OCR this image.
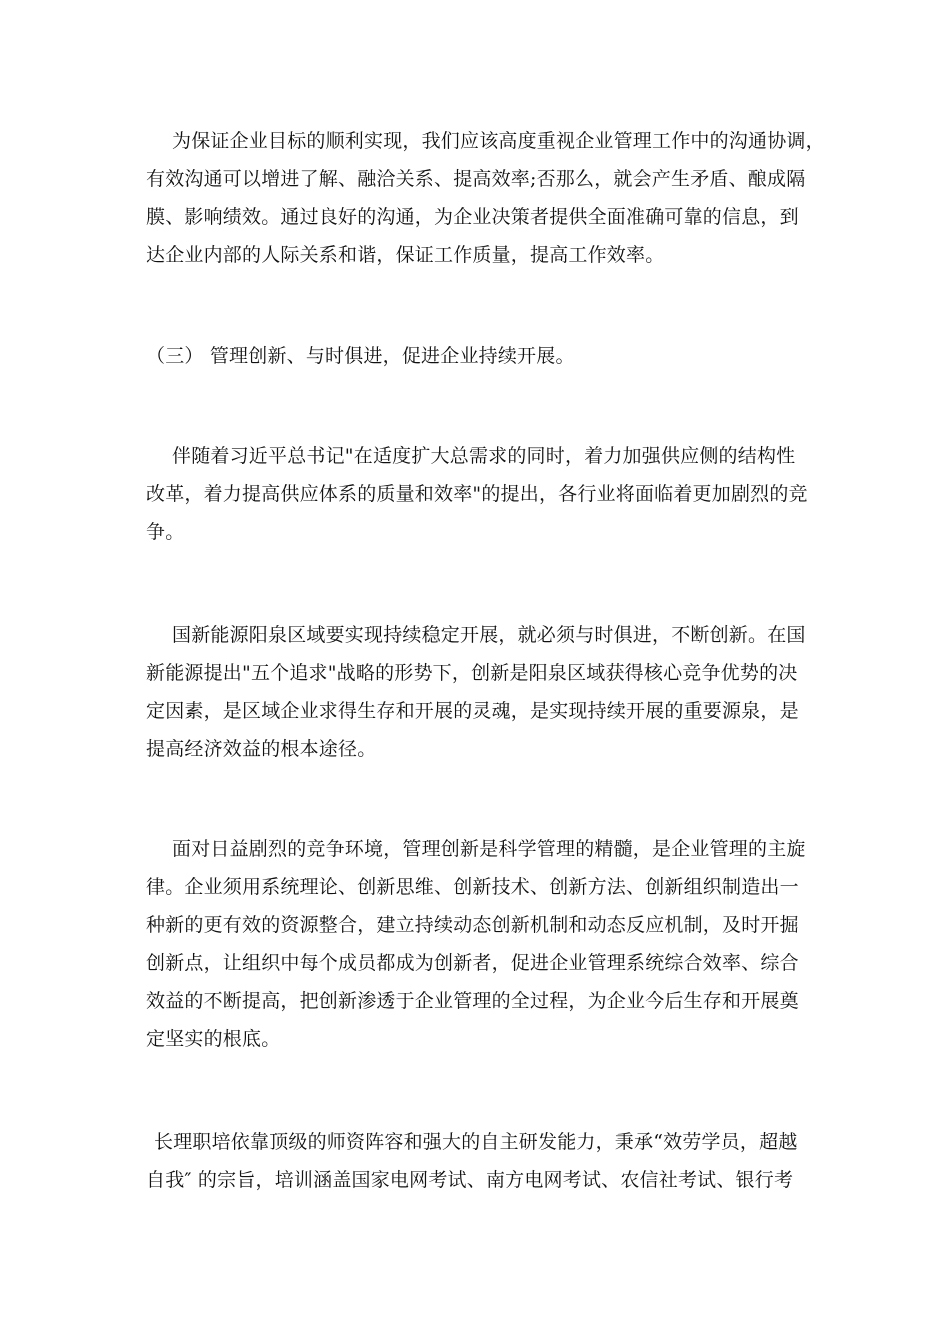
为保证企业目标的顺利实现，我们应该高度重视企业管理工作中的沟通协调，
有效沟通可以增进了解、融洽关系、提高效率;否那么，就会产生矛盾、酿成隔
膜、影响绩效。通过良好的沟通，为企业决策者提供全面准确可靠的信息，到
达企业内部的人际关系和谐，保证工作质量，提高工作效率。
（三） 管理创新、与时俱进，促进企业持续开展。
伴随着习近平总书记"在适度扩大总需求的同时，着力加强供应侧的结构性
改革，着力提高供应体系的质量和效率"的提出，各行业将面临着更加剧烈的竞
争。
国新能源阳泉区域要实现持续稳定开展，就必须与时俱进，不断创新。在国
新能源提出"五个追求"战略的形势下，创新是阳泉区域获得核心竞争优势的决
定因素，是区域企业求得生存和开展的灵魂，是实现持续开展的重要源泉，是
提高经济效益的根本途径。
面对日益剧烈的竞争环境，管理创新是科学管理的精髓，是企业管理的主旋
律。企业须用系统理论、创新思维、创新技术、创新方法、创新组织制造出一
种新的更有效的资源整合，建立持续动态创新机制和动态反应机制，及时开掘
创新点，让组织中每个成员都成为创新者，促进企业管理系统综合效率、综合
效益的不断提高，把创新渗透于企业管理的全过程，为企业今后生存和开展奠
定坚实的根底。
长理职培依靠顶级的师资阵容和强大的自主研发能力，秉承“效劳学员，超越
自我″ 的宗旨，培训涵盖国家电网考试、南方电网考试、农信社考试、银行考
